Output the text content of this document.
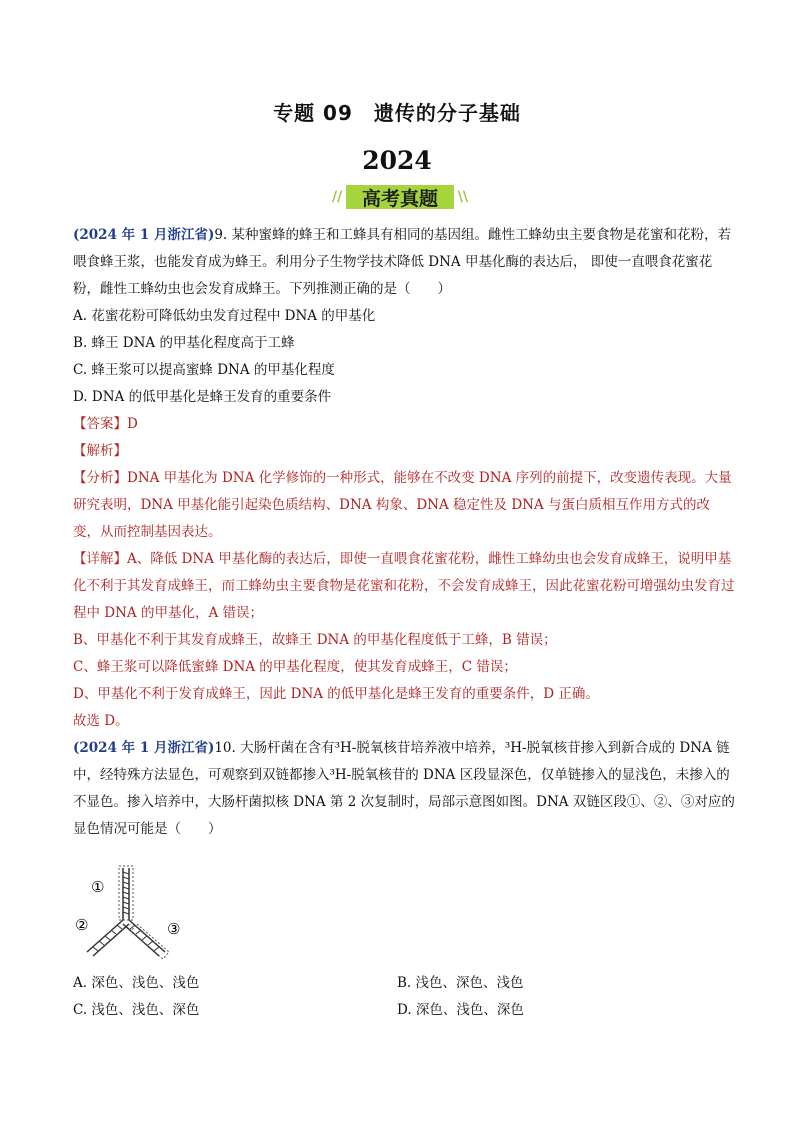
专题 09　遗传的分子基础
2024
//	高考真题	\\

(2024 年 1 月浙江省)9. 某种蜜蜂的蜂王和工蜂具有相同的基因组。雌性工蜂幼虫主要食物是花蜜和花粉，若喂食蜂王浆，也能发育成为蜂王。利用分子生物学技术降低 DNA 甲基化酶的表达后， 即使一直喂食花蜜花粉，雌性工蜂幼虫也会发育成蜂王。下列推测正确的是（　　）

A. 花蜜花粉可降低幼虫发育过程中 DNA 的甲基化

B. 蜂王 DNA 的甲基化程度高于工蜂

C. 蜂王浆可以提高蜜蜂 DNA 的甲基化程度

D. DNA 的低甲基化是蜂王发育的重要条件

【答案】D

【解析】

【分析】DNA 甲基化为 DNA 化学修饰的一种形式，能够在不改变 DNA 序列的前提下，改变遗传表现。大量研究表明，DNA 甲基化能引起染色质结构、DNA 构象、DNA 稳定性及 DNA 与蛋白质相互作用方式的改变，从而控制基因表达。

【详解】A、降低 DNA 甲基化酶的表达后，即使一直喂食花蜜花粉，雌性工蜂幼虫也会发育成蜂王，说明甲基化不利于其发育成蜂王，而工蜂幼虫主要食物是花蜜和花粉，不会发育成蜂王，因此花蜜花粉可增强幼虫发育过程中 DNA 的甲基化，A 错误；

B、甲基化不利于其发育成蜂王，故蜂王 DNA 的甲基化程度低于工蜂，B 错误；

C、蜂王浆可以降低蜜蜂 DNA 的甲基化程度，使其发育成蜂王，C 错误；

D、甲基化不利于发育成蜂王，因此 DNA 的低甲基化是蜂王发育的重要条件，D 正确。

故选 D。

(2024 年 1 月浙江省)10. 大肠杆菌在含有³H-脱氧核苷培养液中培养，³H-脱氧核苷掺入到新合成的 DNA 链中，经特殊方法显色，可观察到双链都掺入³H-脱氧核苷的 DNA 区段显深色，仅单链掺入的显浅色，未掺入的不显色。掺入培养中，大肠杆菌拟核 DNA 第 2 次复制时，局部示意图如图。DNA 双链区段①、②、③对应的显色情况可能是（　　）

①
②	③
A. 深色、浅色、浅色	B. 浅色、深色、浅色
C. 浅色、浅色、深色	D. 深色、浅色、深色
